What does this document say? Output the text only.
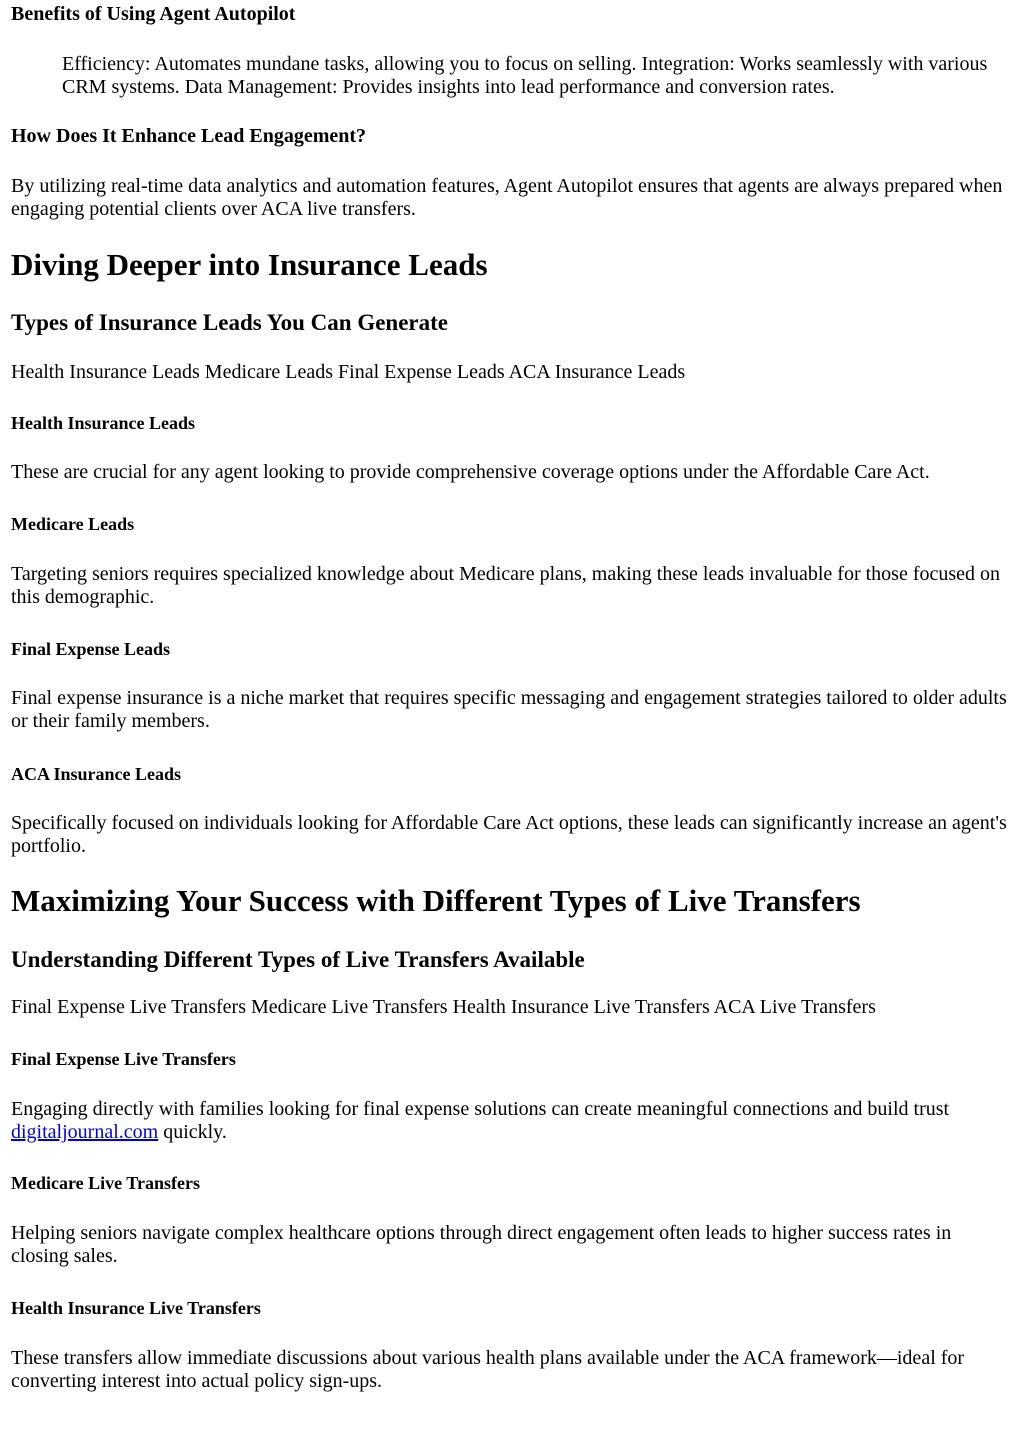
Benefits of Using Agent Autopilot
Efficiency: Automates mundane tasks, allowing you to focus on selling. Integration: Works seamlessly with various CRM systems. Data Management: Provides insights into lead performance and conversion rates.
How Does It Enhance Lead Engagement?

By utilizing real-time data analytics and automation features, Agent Autopilot ensures that agents are always prepared when engaging potential clients over ACA live transfers.

Diving Deeper into Insurance Leads
Types of Insurance Leads You Can Generate

Health Insurance Leads Medicare Leads Final Expense Leads ACA Insurance Leads

Health Insurance Leads

These are crucial for any agent looking to provide comprehensive coverage options under the Affordable Care Act.

Medicare Leads

Targeting seniors requires specialized knowledge about Medicare plans, making these leads invaluable for those focused on this demographic.

Final Expense Leads

Final expense insurance is a niche market that requires specific messaging and engagement strategies tailored to older adults or their family members.

ACA Insurance Leads

Specifically focused on individuals looking for Affordable Care Act options, these leads can significantly increase an agent's portfolio.

Maximizing Your Success with Different Types of Live Transfers
Understanding Different Types of Live Transfers Available

Final Expense Live Transfers Medicare Live Transfers Health Insurance Live Transfers ACA Live Transfers

Final Expense Live Transfers

Engaging directly with families looking for final expense solutions can create meaningful connections and build trust digitaljournal.com quickly.

Medicare Live Transfers

Helping seniors navigate complex healthcare options through direct engagement often leads to higher success rates in closing sales.

Health Insurance Live Transfers

These transfers allow immediate discussions about various health plans available under the ACA framework—ideal for converting interest into actual policy sign-ups.
